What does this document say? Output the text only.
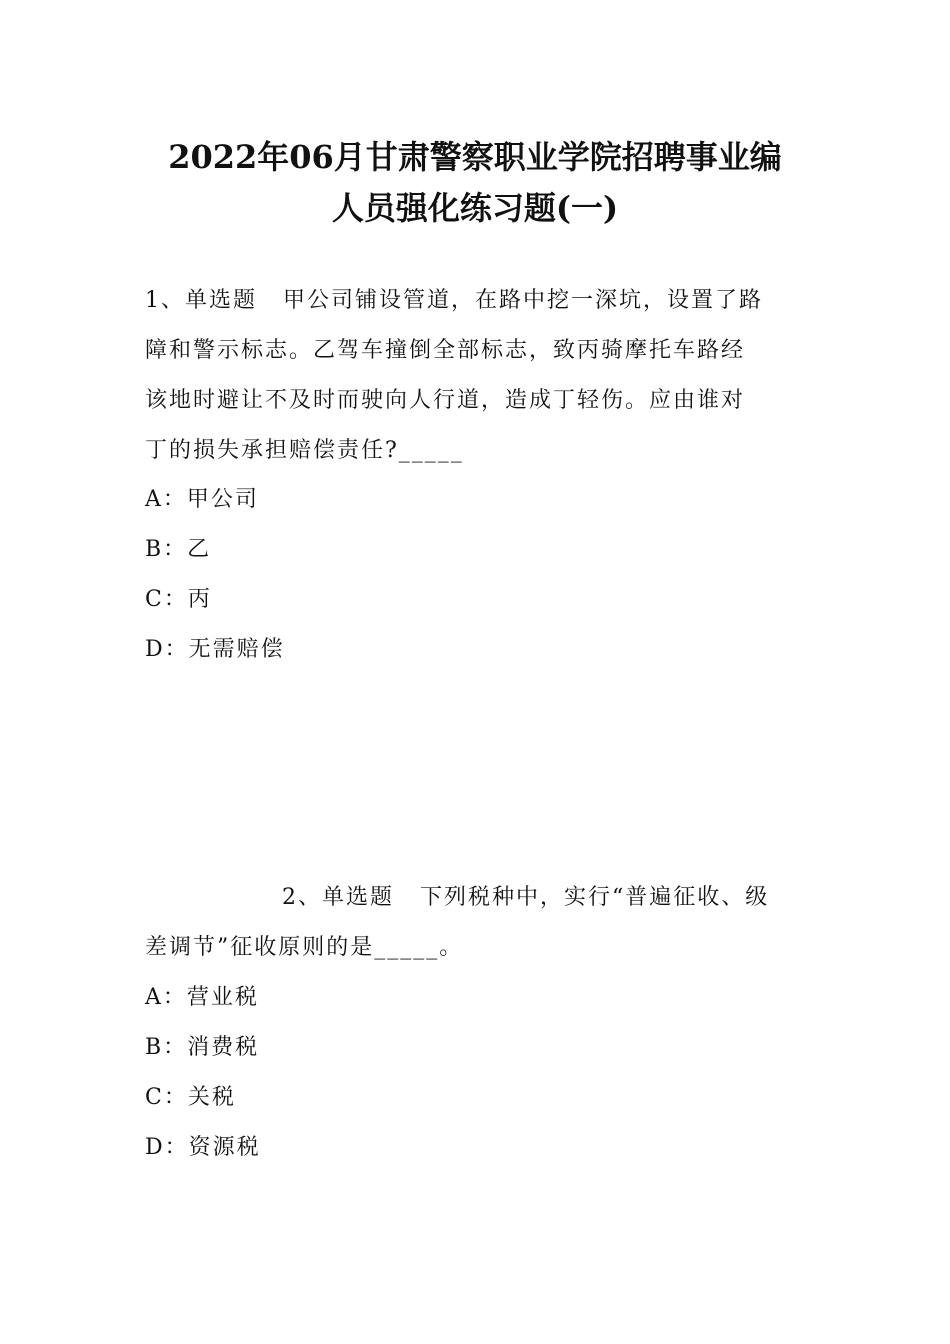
2022年06月甘肃警察职业学院招聘事业编
人员强化练习题(一)
1、单选题 甲公司铺设管道，在路中挖一深坑，设置了路
障和警示标志。乙驾车撞倒全部标志，致丙骑摩托车路经
该地时避让不及时而驶向人行道，造成丁轻伤。应由谁对
丁的损失承担赔偿责任?_____
A：甲公司
B：乙
C：丙
D：无需赔偿
2、单选题 下列税种中，实行“普遍征收、级
差调节”征收原则的是_____。
A：营业税
B：消费税
C：关税
D：资源税
